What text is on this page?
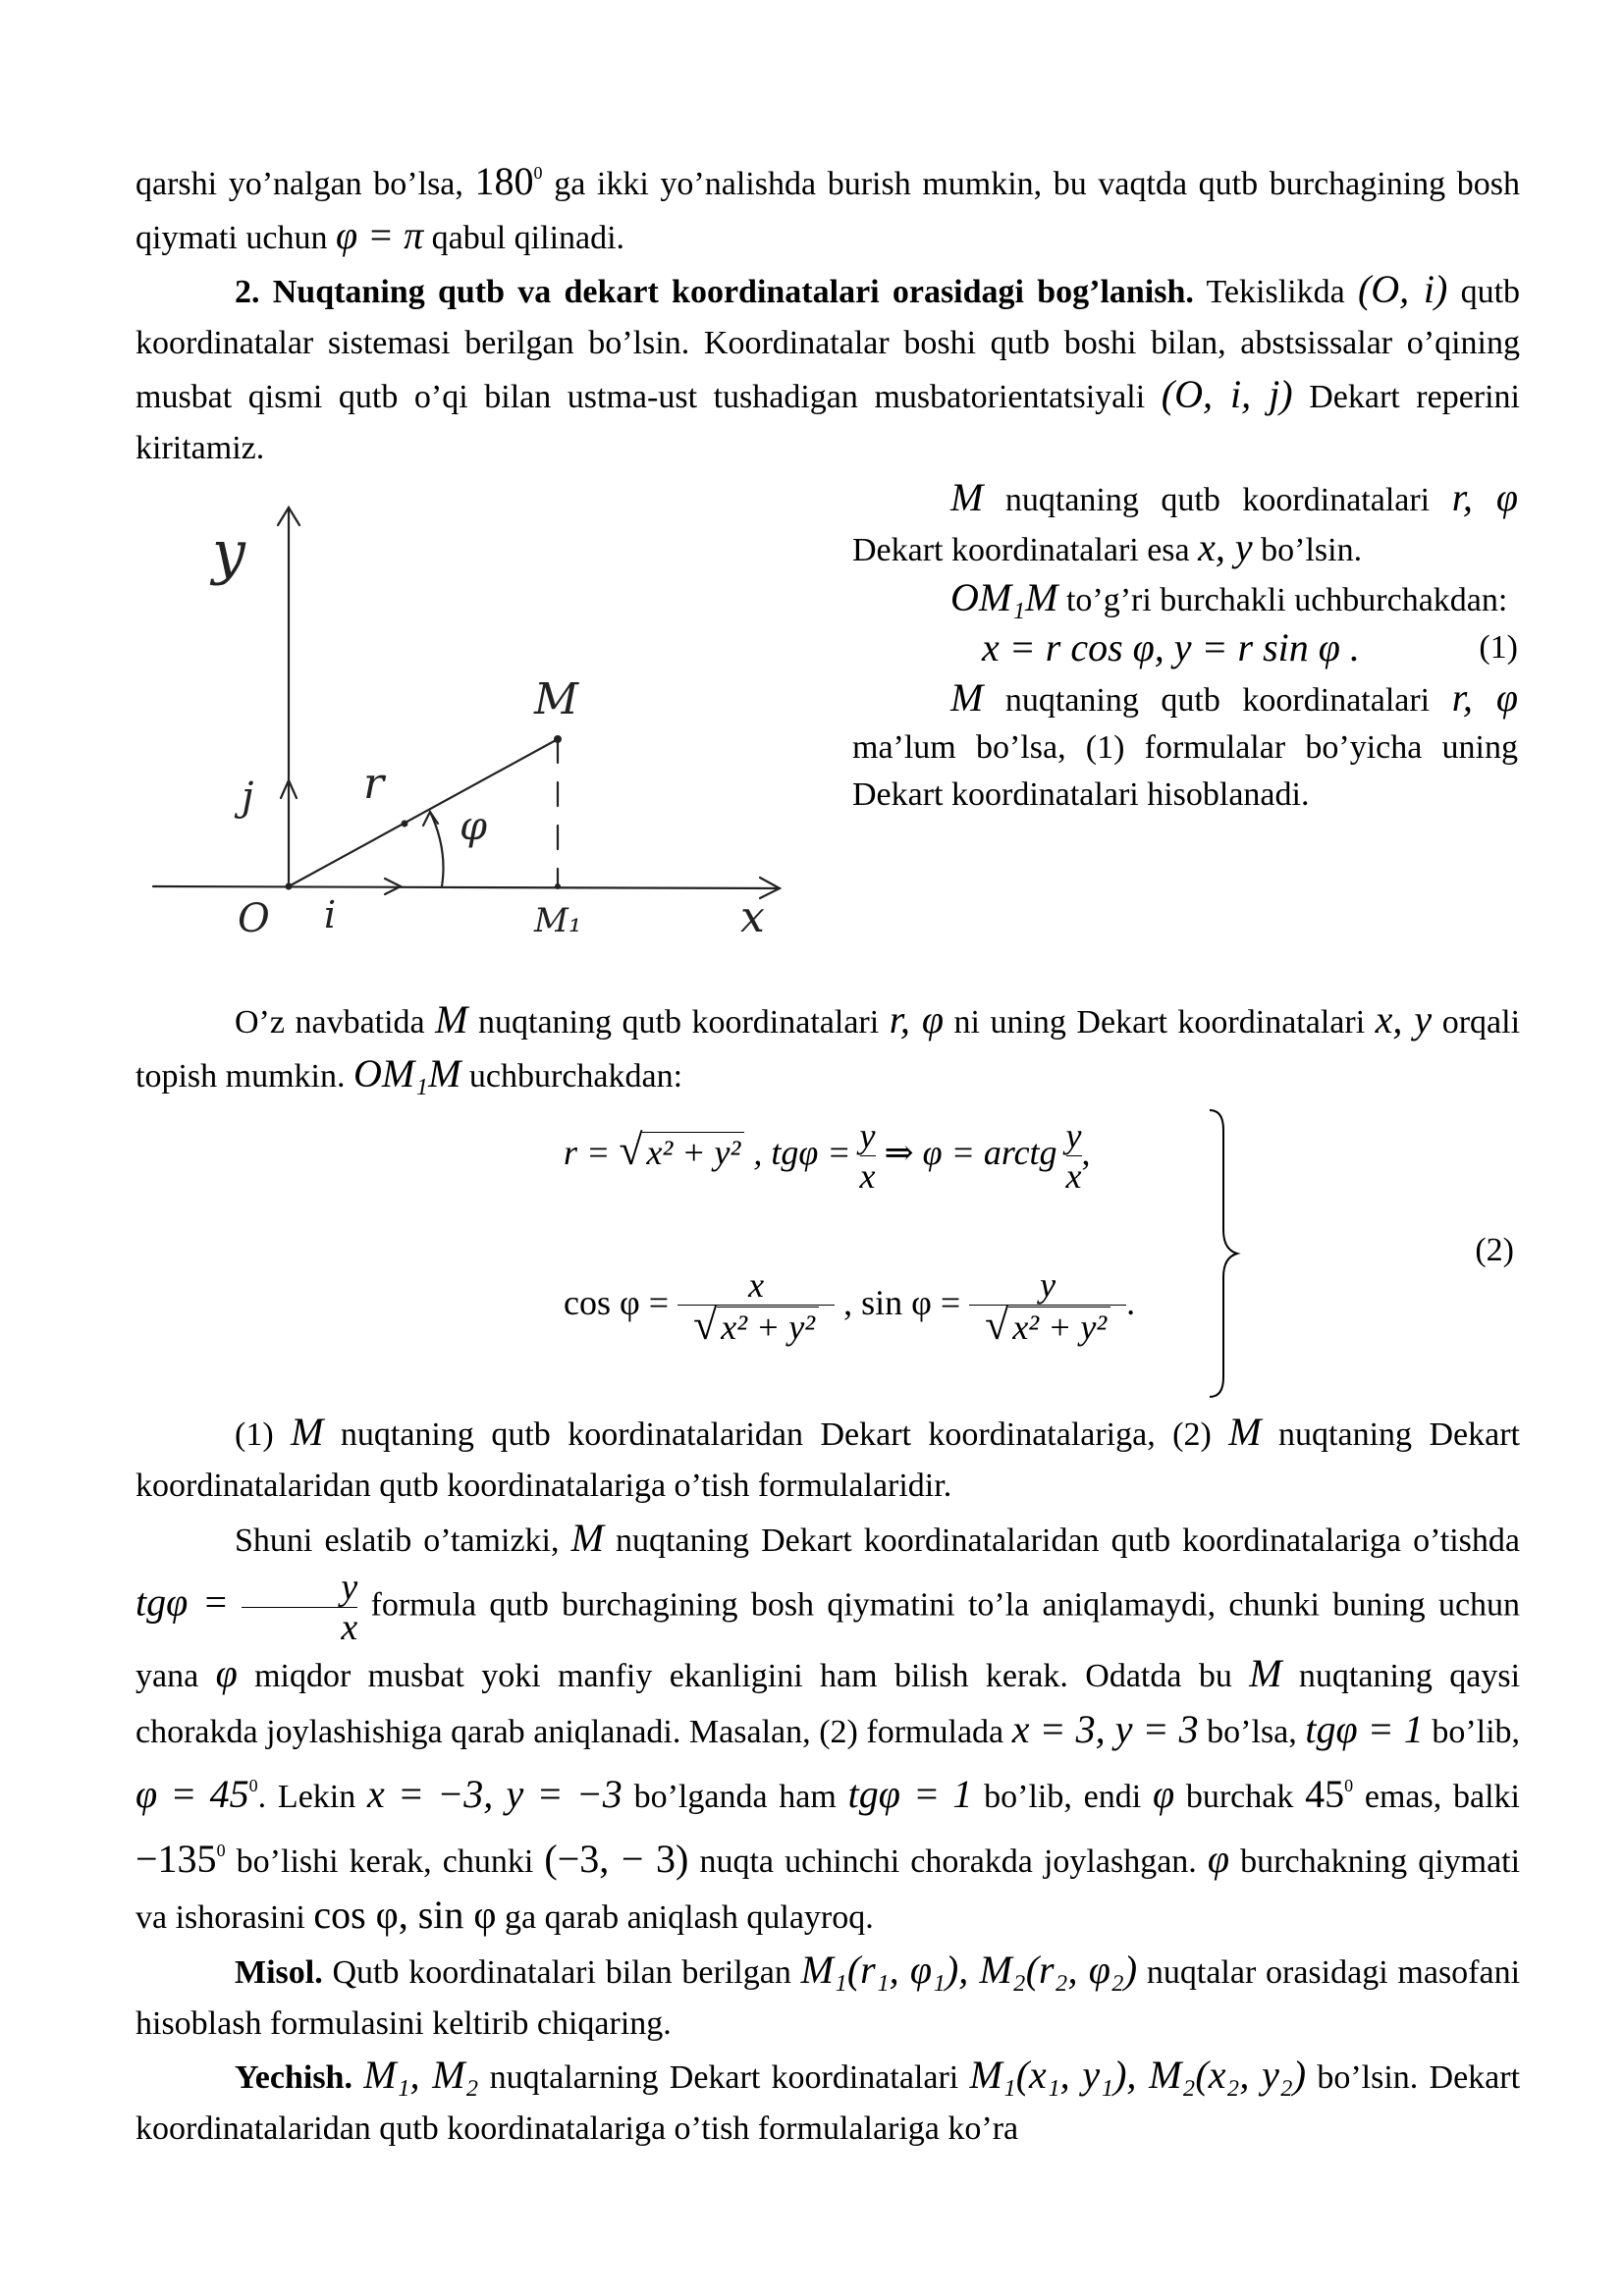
qarshi yo’nalgan bo’lsa, $180^0$ ga ikki yo’nalishda burish mumkin, bu vaqtda qutb burchagining bosh qiymati uchun φ = π qabul qilinadi.

2. Nuqtaning qutb va dekart koordinatalari orasidagi bog’lanish. Tekislikda (O, i) qutb koordinatalar sistemasi berilgan bo’lsin. Koordinatalar boshi qutb boshi bilan, abstsissalar o’qining musbat qismi qutb o’qi bilan ustma-ust tushadigan musbatorientatsiyali (O, i, j) Dekart reperini kiritamiz.

y
x
O i
j
M
M₁
r
φ

M nuqtaning qutb koordinatalari r, φ Dekart koordinatalari esa x, y bo’lsin.

OM₁M to’g’ri burchakli uchburchakdan:

x = r cos φ, y = r sin φ .	(1)

M nuqtaning qutb koordinatalari r, φ ma’lum bo’lsa, (1) formulalar bo’yicha uning Dekart koordinatalari hisoblanadi.

O’z navbatida M nuqtaning qutb koordinatalari r, φ ni uning Dekart koordinatalari x, y orqali topish mumkin. OM₁M uchburchakdan:

r = √ x² + y² , $tg\varphi = \frac{y}{x}$ ⇒ φ = arctg $\frac{y}{x}$ ,
$\cos \varphi = \frac{x}{\text{√ x² + y²}}$ , $\sin \varphi = \frac{y}{\text{√ x² + y²}}$ .
(2)

(1) M nuqtaning qutb koordinatalaridan Dekart koordinatalariga, (2) M nuqtaning Dekart koordinatalaridan qutb koordinatalariga o’tish formulalaridir.

Shuni eslatib o’tamizki, M nuqtaning Dekart koordinatalaridan qutb koordinatalariga o’tishda $tg\varphi = \frac{y}{x}$ formula qutb burchagining bosh qiymatini to’la aniqlamaydi, chunki buning uchun yana φ miqdor musbat yoki manfiy ekanligini ham bilish kerak. Odatda bu M nuqtaning qaysi chorakda joylashishiga qarab aniqlanadi. Masalan, (2) formulada x = 3, y = 3 bo’lsa, tgφ = 1 bo’lib, $\varphi = 45^0$. Lekin x = −3, y = −3 bo’lganda ham tgφ = 1 bo’lib, endi φ burchak $45^0$ emas, balki $-135^0$ bo’lishi kerak, chunki (−3, − 3) nuqta uchinchi chorakda joylashgan. φ burchakning qiymati va ishorasini cos φ, sin φ ga qarab aniqlash qulayroq.

Misol. Qutb koordinatalari bilan berilgan M₁(r₁, φ₁), M₂(r₂, φ₂) nuqtalar orasidagi masofani hisoblash formulasini keltirib chiqaring.

Yechish. M₁, M₂ nuqtalarning Dekart koordinatalari M₁(x₁, y₁), M₂(x₂, y₂) bo’lsin. Dekart koordinatalaridan qutb koordinatalariga o’tish formulalariga ko’ra
